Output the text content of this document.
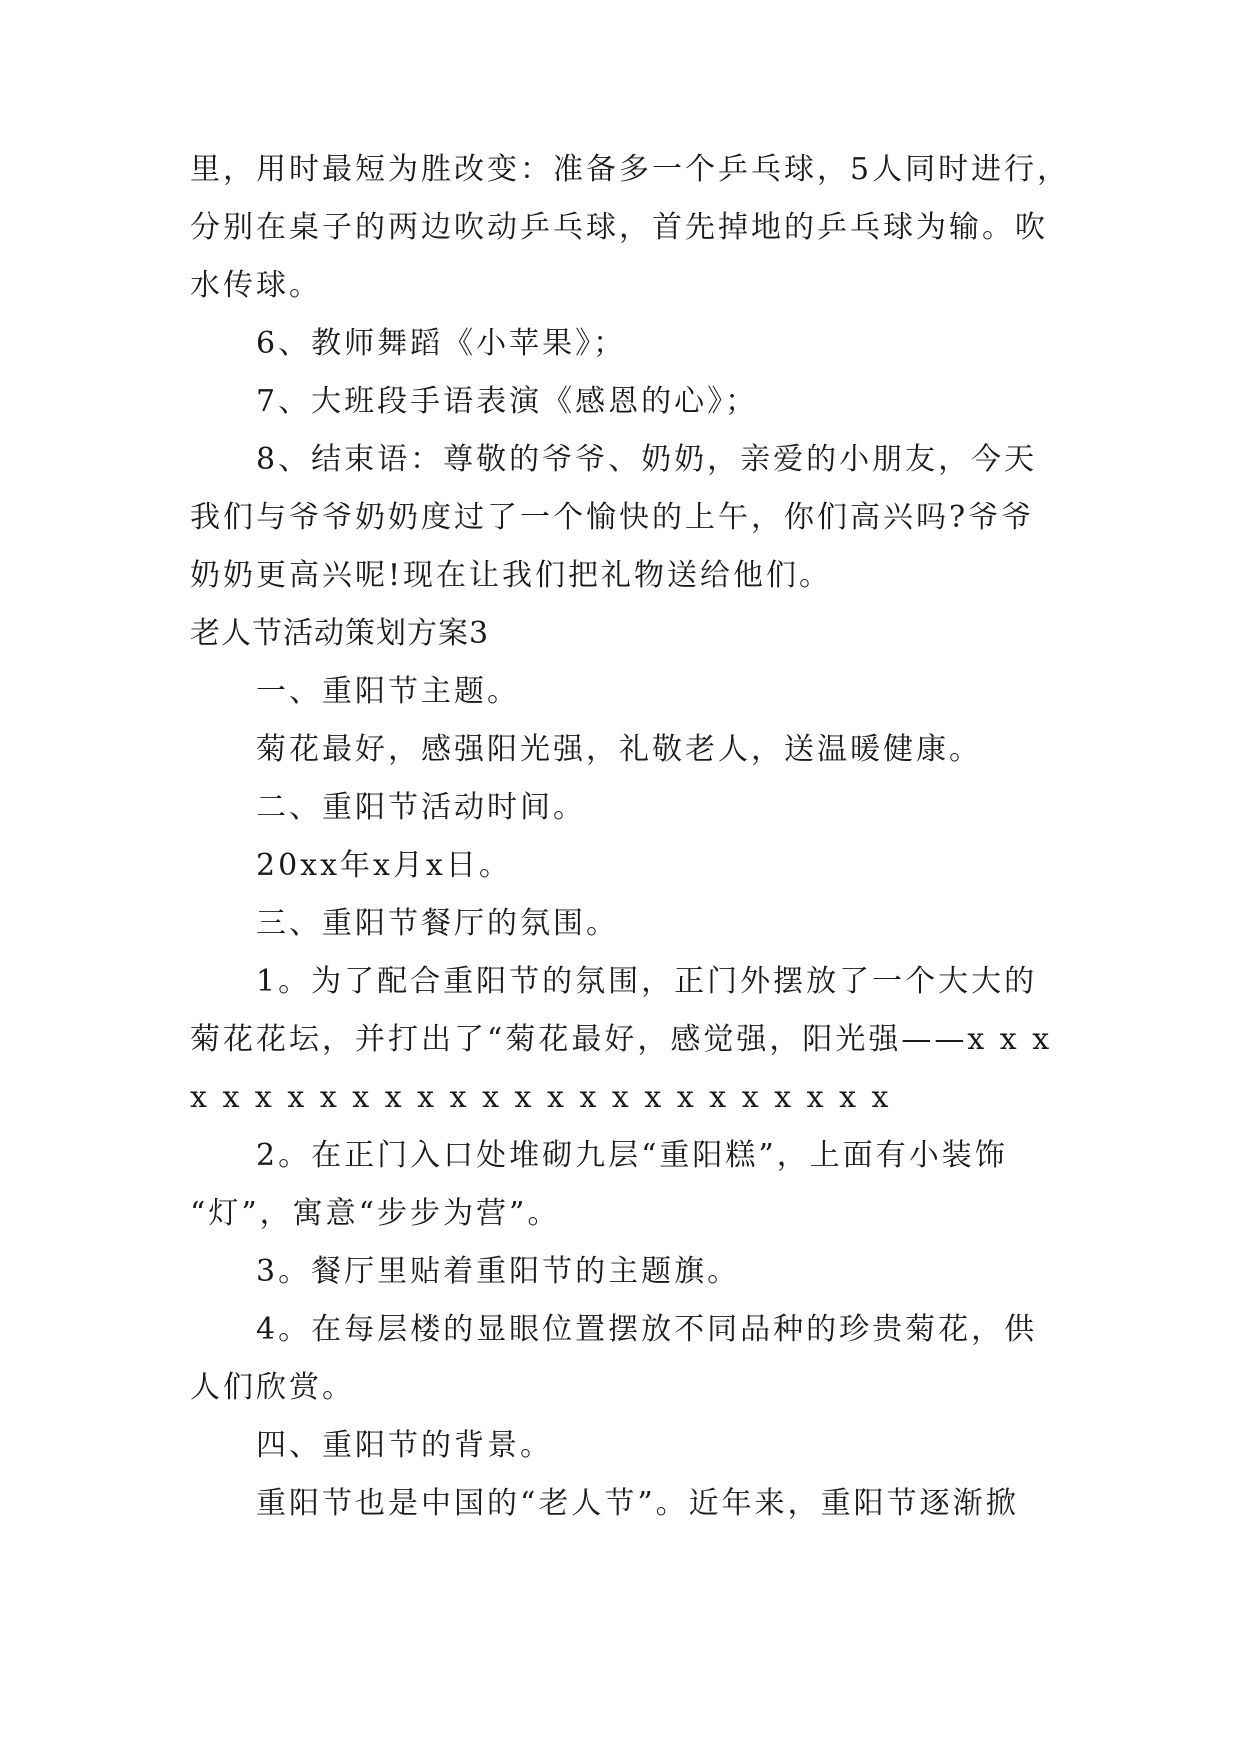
里，用时最短为胜改变：准备多一个乒乓球，5人同时进行，
分别在桌子的两边吹动乒乓球，首先掉地的乒乓球为输。吹
水传球。
6、教师舞蹈《小苹果》；
7、大班段手语表演《感恩的心》；
8、结束语：尊敬的爷爷、奶奶，亲爱的小朋友，今天
我们与爷爷奶奶度过了一个愉快的上午，你们高兴吗?爷爷
奶奶更高兴呢!现在让我们把礼物送给他们。
老人节活动策划方案3
一、重阳节主题。
菊花最好，感强阳光强，礼敬老人，送温暖健康。
二、重阳节活动时间。
20xx年x月x日。
三、重阳节餐厅的氛围。
1。为了配合重阳节的氛围，正门外摆放了一个大大的
菊花花坛，并打出了“菊花最好，感觉强，阳光强——x x x
x x x x x x x x x x x x x x x x x x x x x x
2。在正门入口处堆砌九层“重阳糕”，上面有小装饰
“灯”，寓意“步步为营”。
3。餐厅里贴着重阳节的主题旗。
4。在每层楼的显眼位置摆放不同品种的珍贵菊花，供
人们欣赏。
四、重阳节的背景。
重阳节也是中国的“老人节”。近年来，重阳节逐渐掀
